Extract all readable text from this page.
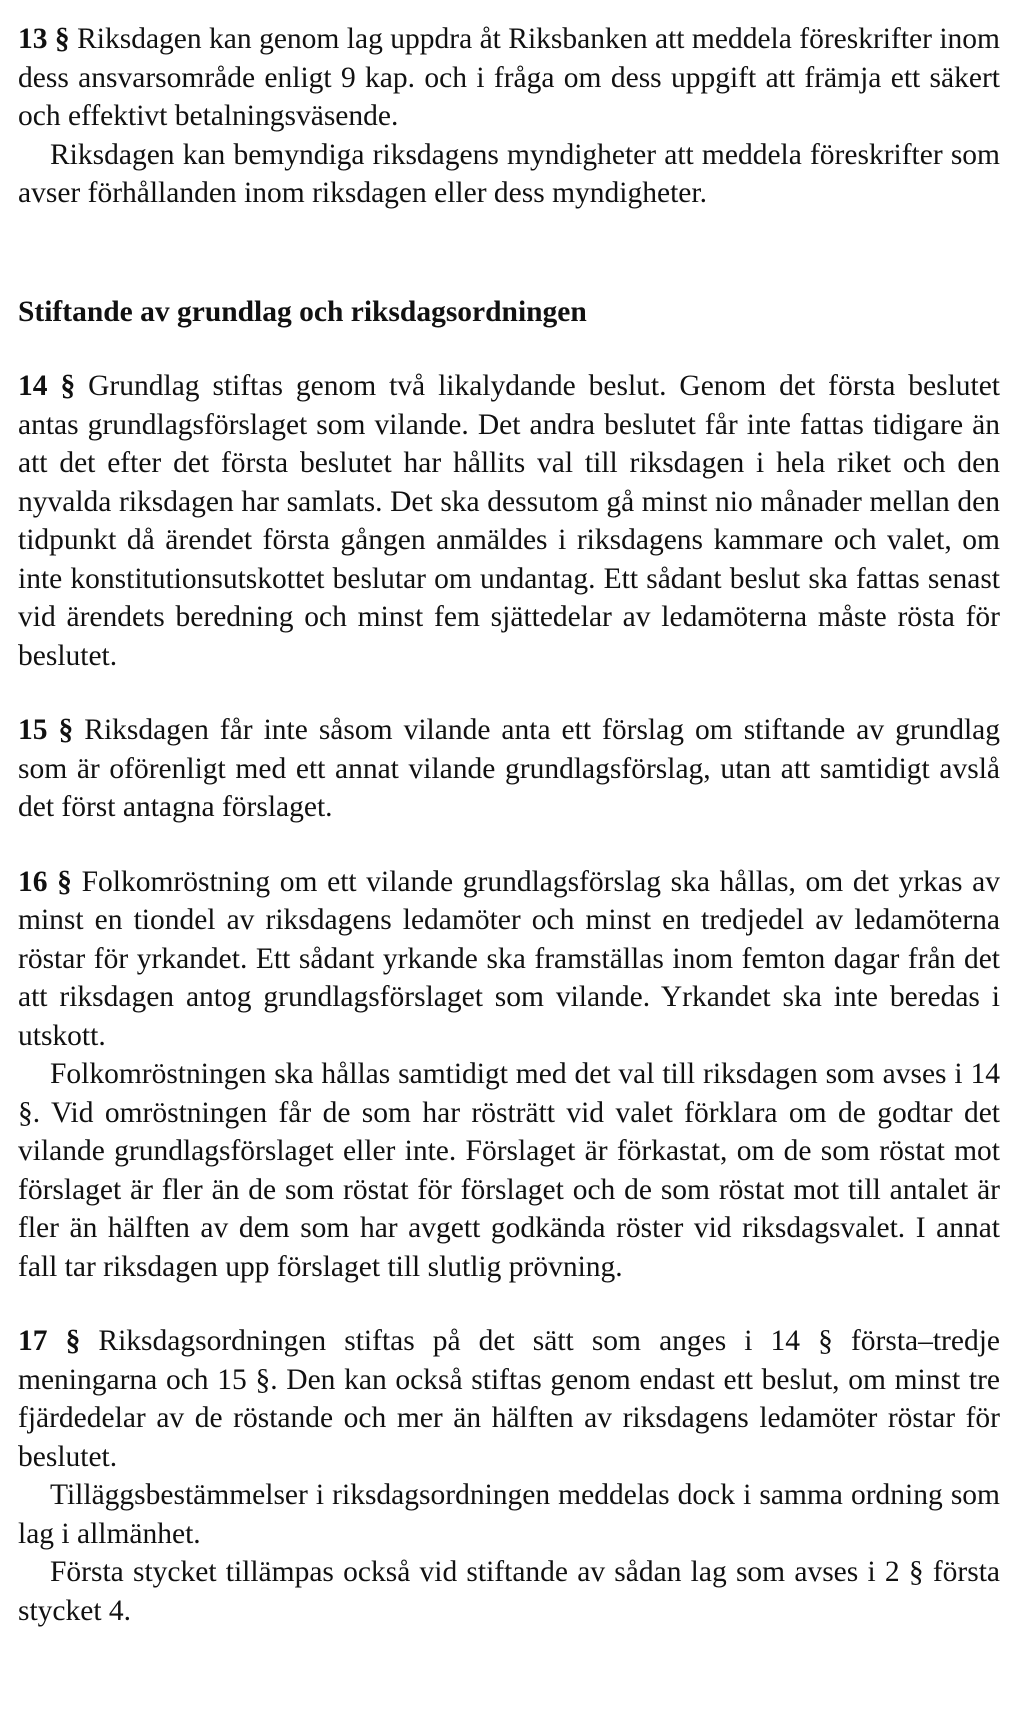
13 § Riksdagen kan genom lag uppdra åt Riksbanken att meddela föreskrifter inom dess ansvarsområde enligt 9 kap. och i fråga om dess uppgift att främja ett säkert och effektivt betalningsväsende.

Riksdagen kan bemyndiga riksdagens myndigheter att meddela föreskrifter som avser förhållanden inom riksdagen eller dess myndigheter.

Stiftande av grundlag och riksdagsordningen

14 § Grundlag stiftas genom två likalydande beslut. Genom det första beslutet antas grundlagsförslaget som vilande. Det andra beslutet får inte fattas tidigare än att det efter det första beslutet har hållits val till riksdagen i hela riket och den nyvalda riksdagen har samlats. Det ska dessutom gå minst nio månader mellan den tidpunkt då ärendet första gången anmäldes i riksdagens kammare och valet, om inte konstitutionsutskottet beslutar om undantag. Ett sådant beslut ska fattas senast vid ärendets beredning och minst fem sjättedelar av ledamöterna måste rösta för beslutet.

15 § Riksdagen får inte såsom vilande anta ett förslag om stiftande av grundlag som är oförenligt med ett annat vilande grundlagsförslag, utan att samtidigt avslå det först antagna förslaget.

16 § Folkomröstning om ett vilande grundlagsförslag ska hållas, om det yrkas av minst en tiondel av riksdagens ledamöter och minst en tredjedel av ledamöterna röstar för yrkandet. Ett sådant yrkande ska framställas inom femton dagar från det att riksdagen antog grundlagsförslaget som vilande. Yrkandet ska inte beredas i utskott.

Folkomröstningen ska hållas samtidigt med det val till riksdagen som avses i 14 §. Vid omröstningen får de som har rösträtt vid valet förklara om de godtar det vilande grundlagsförslaget eller inte. Förslaget är förkastat, om de som röstat mot förslaget är fler än de som röstat för förslaget och de som röstat mot till antalet är fler än hälften av dem som har avgett godkända röster vid riksdagsvalet. I annat fall tar riksdagen upp förslaget till slutlig prövning.

17 § Riksdagsordningen stiftas på det sätt som anges i 14 § första–tredje meningarna och 15 §. Den kan också stiftas genom endast ett beslut, om minst tre fjärdedelar av de röstande och mer än hälften av riksdagens ledamöter röstar för beslutet.

Tilläggsbestämmelser i riksdagsordningen meddelas dock i samma ordning som lag i allmänhet.

Första stycket tillämpas också vid stiftande av sådan lag som avses i 2 § första stycket 4.
